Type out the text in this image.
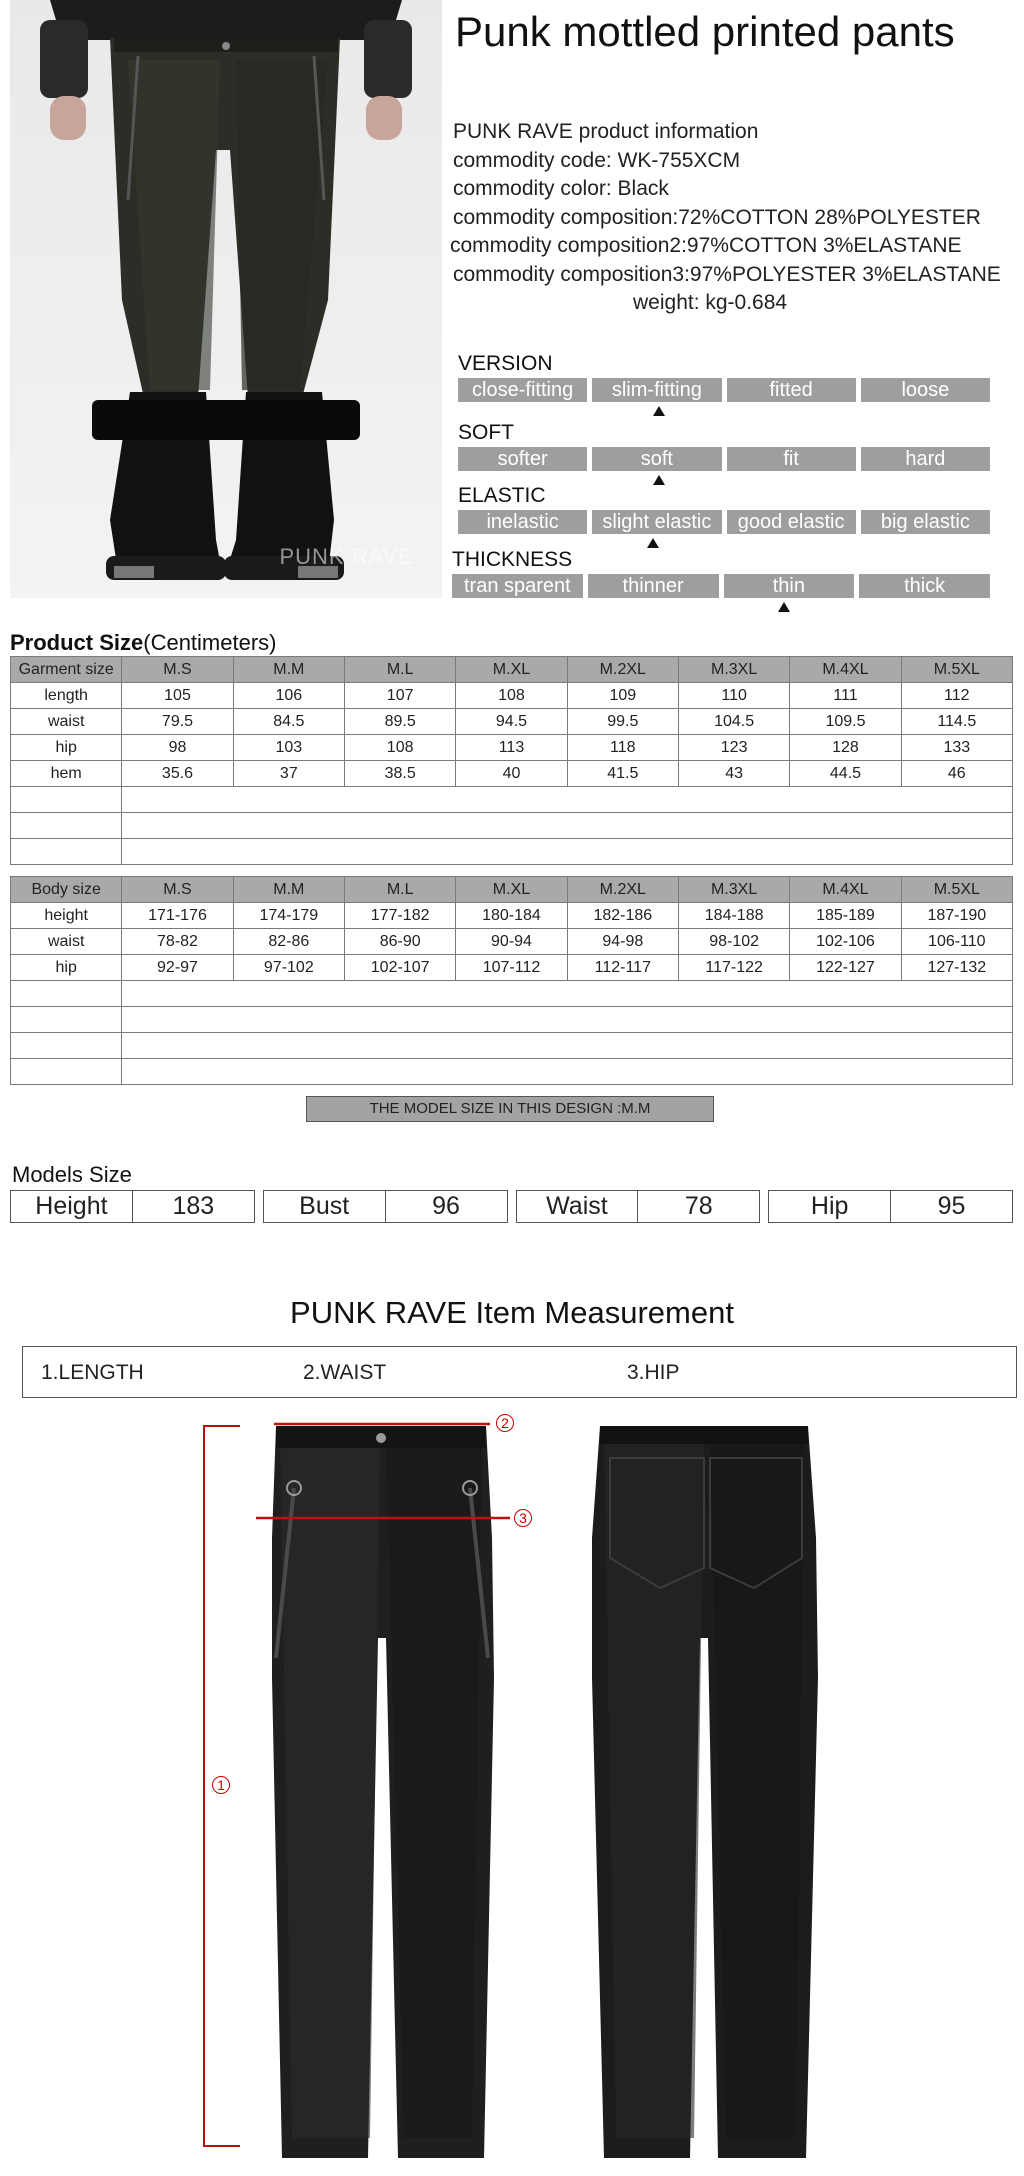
PUNK RAVE
Punk mottled printed pants
PUNK RAVE product information
commodity code: WK-755XCM
commodity color: Black
commodity composition:72%COTTON 28%POLYESTER
commodity composition2:97%COTTON 3%ELASTANE
commodity composition3:97%POLYESTER 3%ELASTANE
weight: kg-0.684
VERSION
close-fitting	slim-fitting	fitted	loose
SOFT
softer	soft	fit	hard
ELASTIC
inelastic	slight elastic	good elastic	big elastic
THICKNESS
tran sparent	thinner	thin	thick
Product Size(Centimeters)
Garment size	M.S	M.M	M.L	M.XL	M.2XL	M.3XL	M.4XL	M.5XL
length	105	106	107	108	109	110	111	112
waist	79.5	84.5	89.5	94.5	99.5	104.5	109.5	114.5
hip	98	103	108	113	118	123	128	133
hem	35.6	37	38.5	40	41.5	43	44.5	46

Body size	M.S	M.M	M.L	M.XL	M.2XL	M.3XL	M.4XL	M.5XL
height	171-176	174-179	177-182	180-184	182-186	184-188	185-189	187-190
waist	78-82	82-86	86-90	90-94	94-98	98-102	102-106	106-110
hip	92-97	97-102	102-107	107-112	112-117	117-122	122-127	127-132

THE MODEL SIZE IN THIS DESIGN :M.M
Models Size
Height	183	Bust	96	Waist	78	Hip	95
PUNK RAVE Item Measurement
1.LENGTH	2.WAIST	3.HIP
1
2
3
